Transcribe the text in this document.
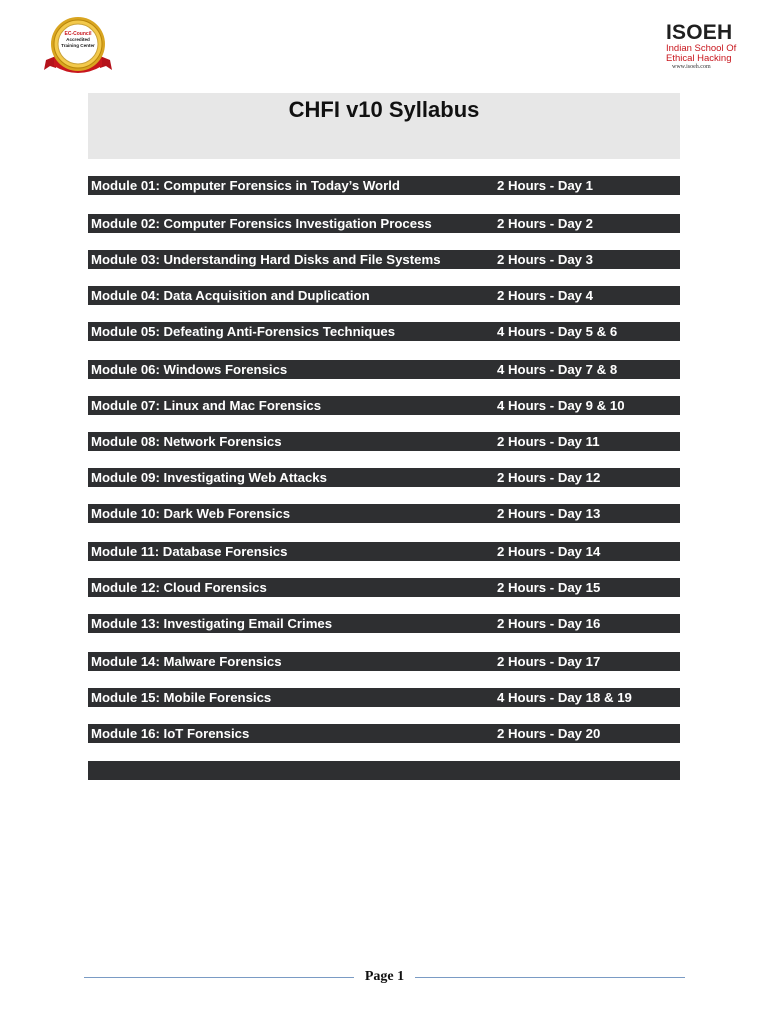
EC-Council
Accredited
Training Center
ISOEH
Indian School Of
Ethical Hacking
www.isoeh.com
CHFI v10 Syllabus
Module 01: Computer Forensics in Today’s World	2 Hours - Day 1
Module 02: Computer Forensics Investigation Process	2 Hours - Day 2
Module 03: Understanding Hard Disks and File Systems	2 Hours - Day 3
Module 04: Data Acquisition and Duplication	2 Hours - Day 4
Module 05: Defeating Anti-Forensics Techniques	4 Hours - Day 5 & 6
Module 06: Windows Forensics	4 Hours - Day 7 & 8
Module 07: Linux and Mac Forensics	4 Hours - Day 9 & 10
Module 08: Network Forensics	2 Hours - Day 11
Module 09: Investigating Web Attacks	2 Hours - Day 12
Module 10: Dark Web Forensics	2 Hours - Day 13
Module 11: Database Forensics	2 Hours - Day 14
Module 12: Cloud Forensics	2 Hours - Day 15
Module 13: Investigating Email Crimes	2 Hours - Day 16
Module 14: Malware Forensics	2 Hours - Day 17
Module 15: Mobile Forensics	4 Hours - Day 18 & 19
Module 16: IoT Forensics	2 Hours - Day 20
Page 1
